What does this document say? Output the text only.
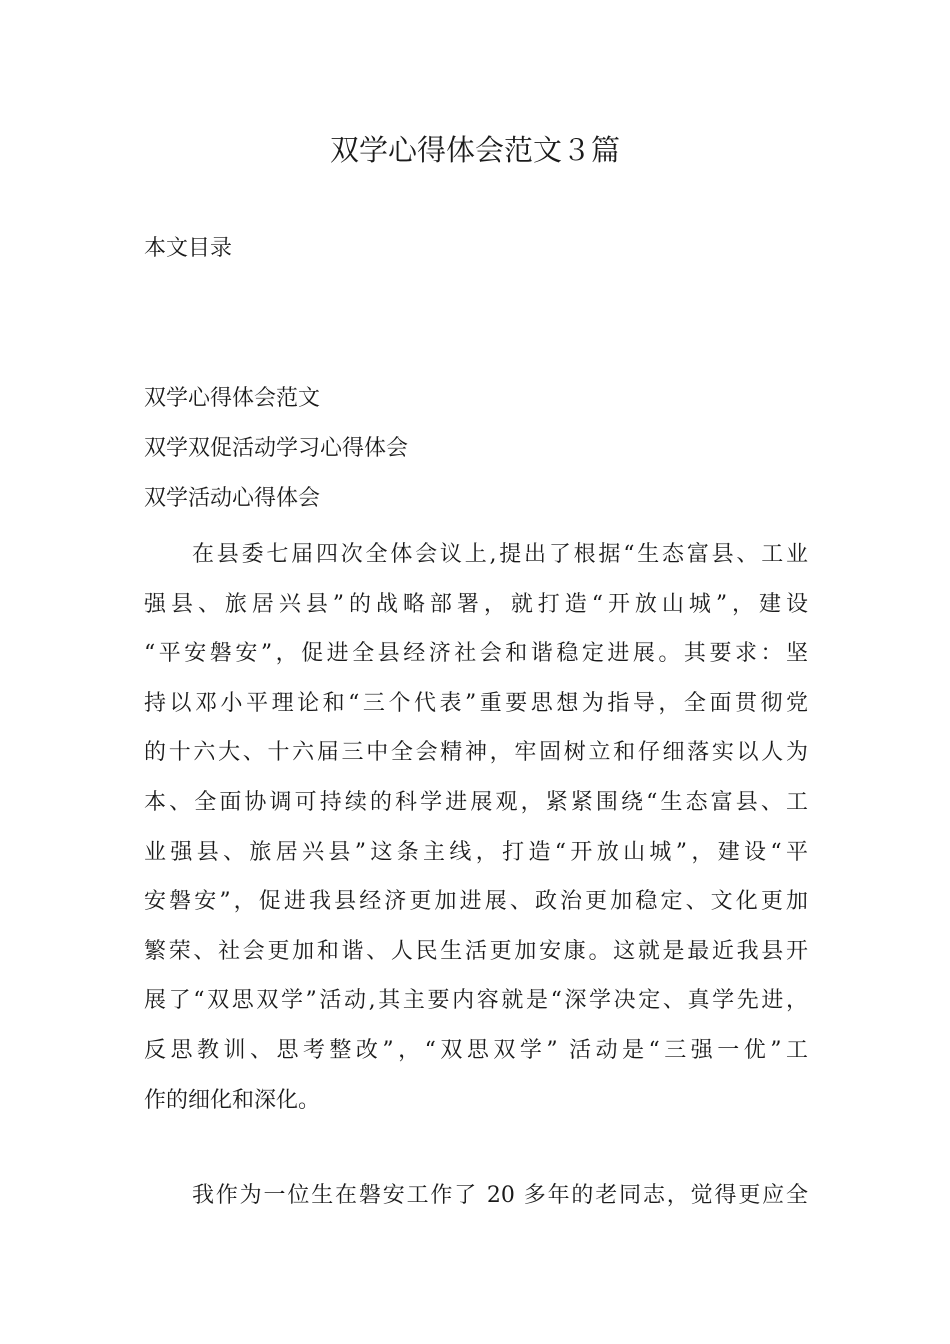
双学心得体会范文３篇
本文目录
双学心得体会范文
双学双促活动学习心得体会
双学活动心得体会
在县委七届四次全体会议上,提出了根据“生态富县、工业
强县、旅居兴县”的战略部署，就打造“开放山城”，建设
“平安磐安”，促进全县经济社会和谐稳定进展。其要求：坚
持以邓小平理论和“三个代表”重要思想为指导，全面贯彻党
的十六大、十六届三中全会精神，牢固树立和仔细落实以人为
本、全面协调可持续的科学进展观，紧紧围绕“生态富县、工
业强县、旅居兴县”这条主线，打造“开放山城”，建设“平
安磐安”，促进我县经济更加进展、政治更加稳定、文化更加
繁荣、社会更加和谐、人民生活更加安康。这就是最近我县开
展了“双思双学”活动,其主要内容就是“深学决定、真学先进，
反思教训、思考整改”，“双思双学” 活动是“三强一优”工
作的细化和深化。
我作为一位生在磐安工作了 20 多年的老同志，觉得更应全
